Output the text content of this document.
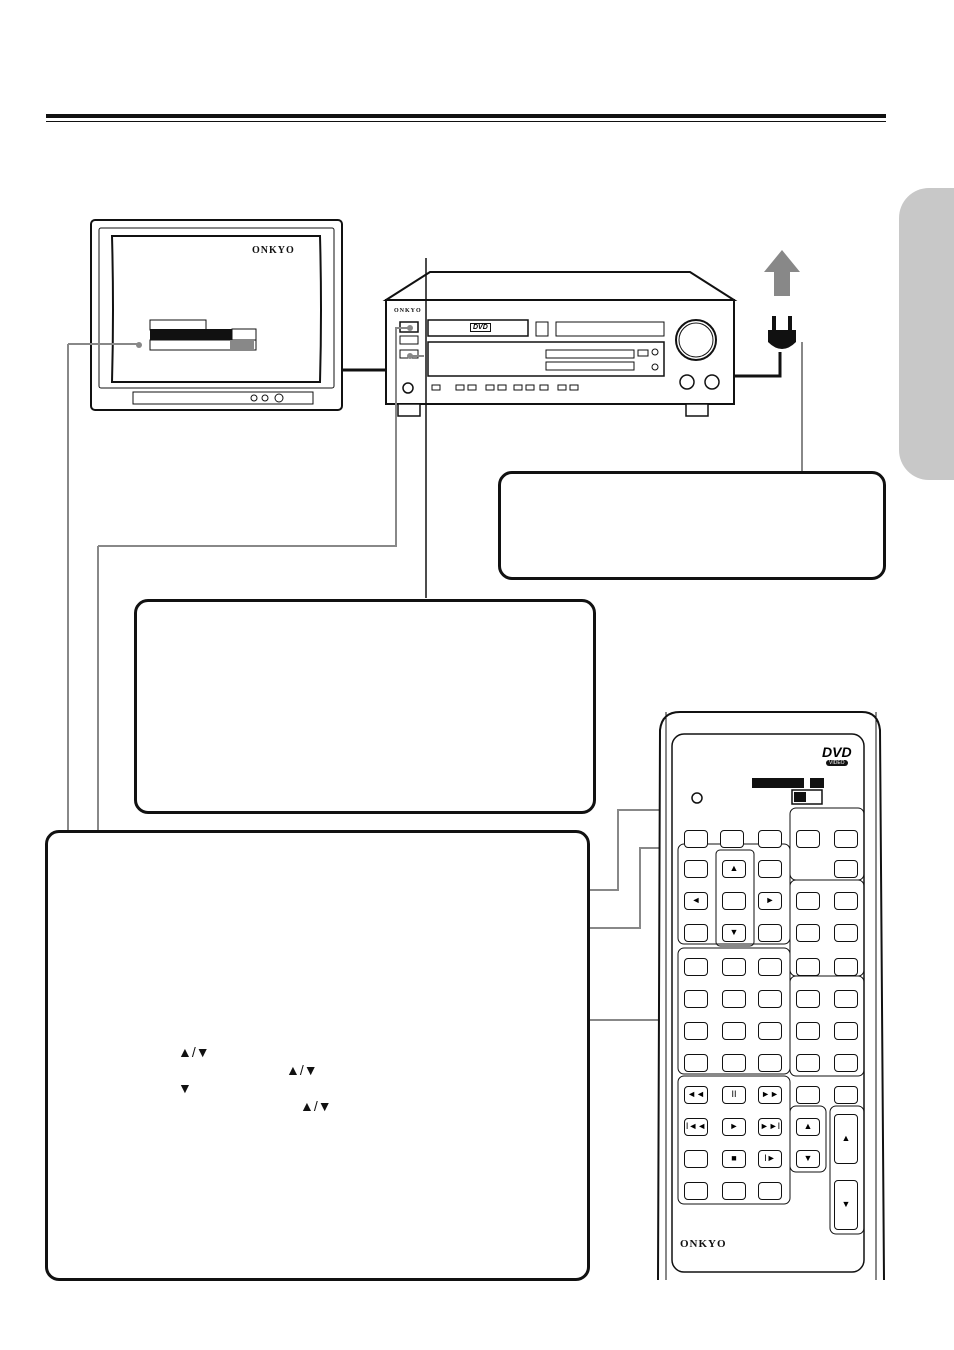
ONKYO
ONKYO
DVD
▲/▼
▲/▼
▼
▲/▼
DVD
VIDEO
ONKYO
▲
◄	►
▼
◄◄	II	►►
I◄◄	►	►►I	▲
■	I►	▼
▲
▼
